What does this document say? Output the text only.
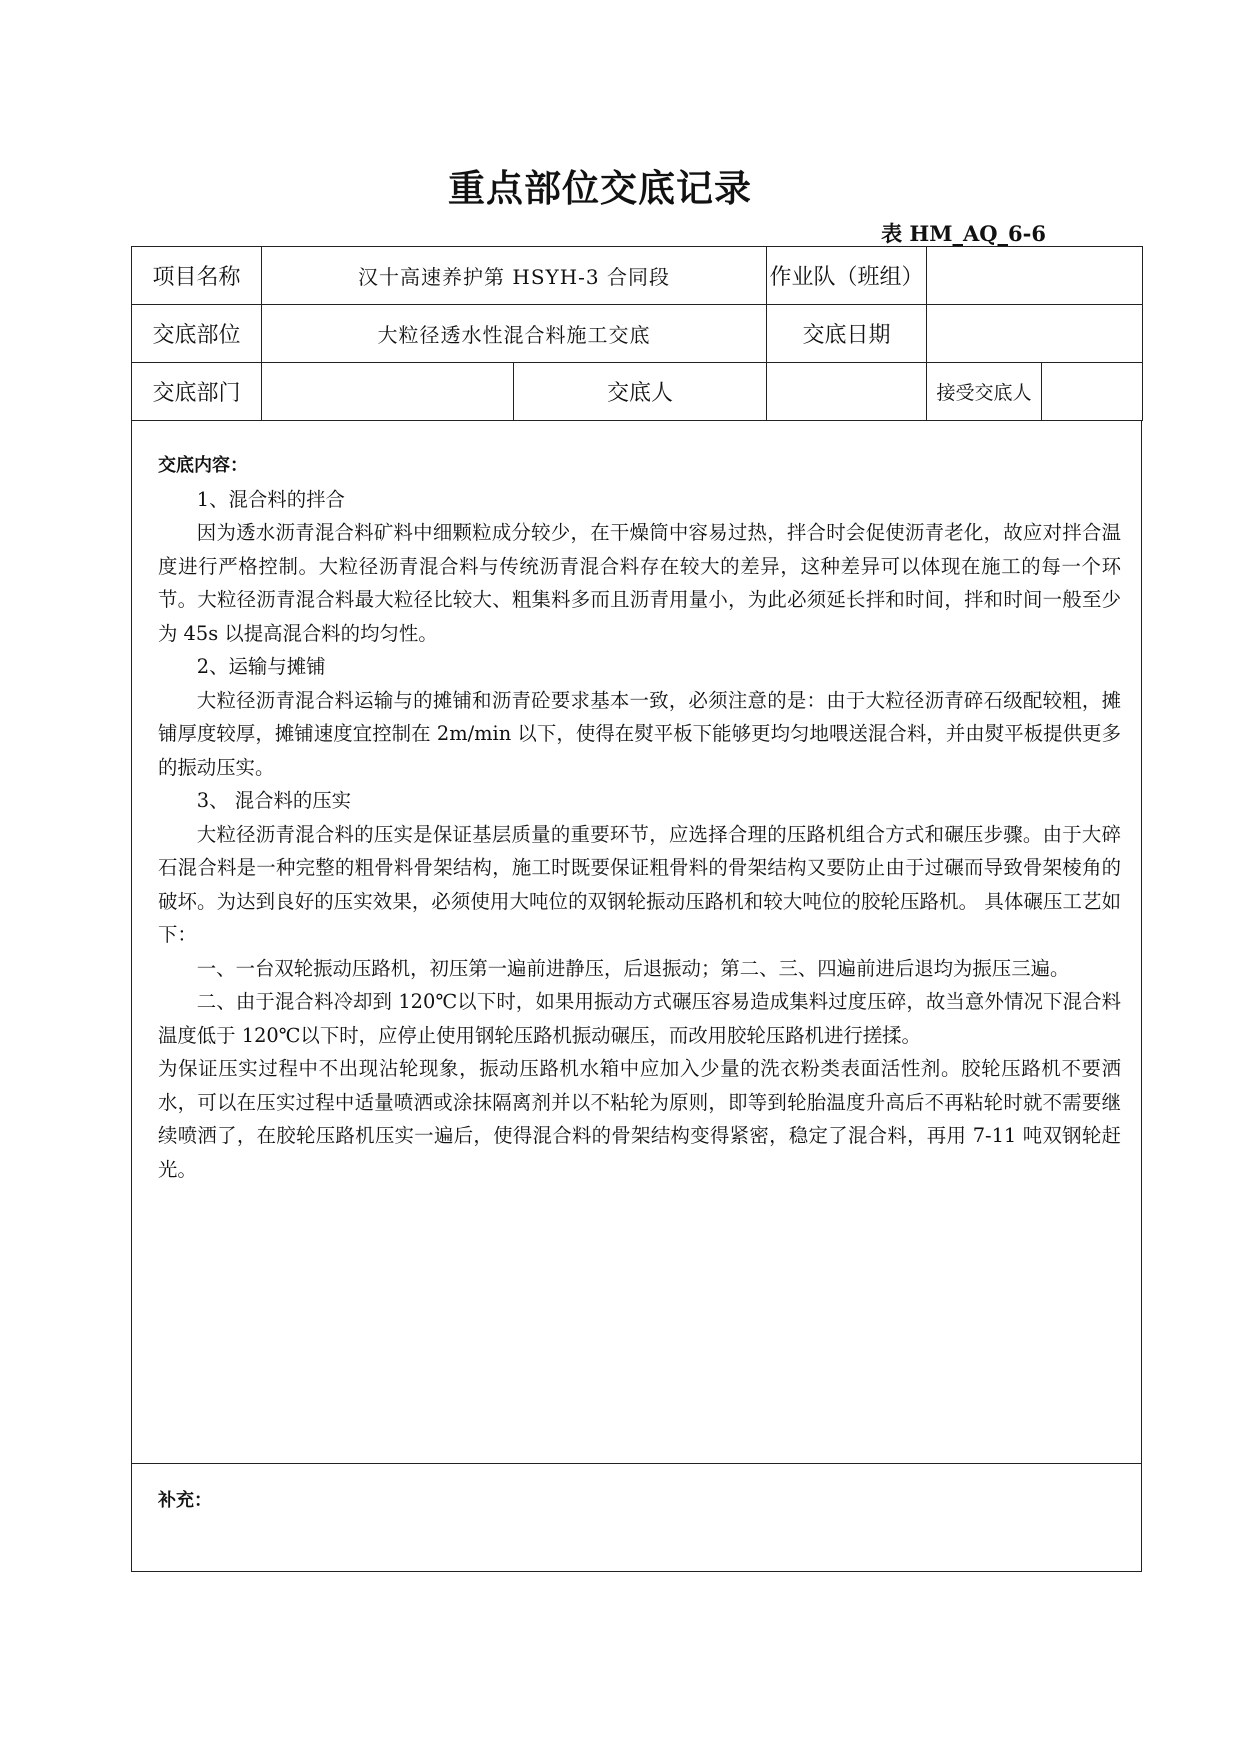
重点部位交底记录
表 HM_AQ_6-6
项目名称	汉十高速养护第 HSYH-3 合同段		作业队（班组）		
交底部位	大粒径透水性混合料施工交底		交底日期		
交底部门		交底人		接受交底人	
交底内容：

1、混合料的拌合

因为透水沥青混合料矿料中细颗粒成分较少，在干燥筒中容易过热，拌合时会促使沥青老化，故应对拌合温度进行严格控制。大粒径沥青混合料与传统沥青混合料存在较大的差异，这种差异可以体现在施工的每一个环节。大粒径沥青混合料最大粒径比较大、粗集料多而且沥青用量小，为此必须延长拌和时间，拌和时间一般至少为 45s 以提高混合料的均匀性。

2、运输与摊铺

大粒径沥青混合料运输与的摊铺和沥青砼要求基本一致，必须注意的是：由于大粒径沥青碎石级配较粗，摊铺厚度较厚，摊铺速度宜控制在 2m/min 以下，使得在熨平板下能够更均匀地喂送混合料，并由熨平板提供更多的振动压实。

3、 混合料的压实

大粒径沥青混合料的压实是保证基层质量的重要环节，应选择合理的压路机组合方式和碾压步骤。由于大碎石混合料是一种完整的粗骨料骨架结构，施工时既要保证粗骨料的骨架结构又要防止由于过碾而导致骨架棱角的破坏。为达到良好的压实效果，必须使用大吨位的双钢轮振动压路机和较大吨位的胶轮压路机。 具体碾压工艺如下：

一、一台双轮振动压路机，初压第一遍前进静压，后退振动；第二、三、四遍前进后退均为振压三遍。

二、由于混合料冷却到 120℃以下时，如果用振动方式碾压容易造成集料过度压碎，故当意外情况下混合料温度低于 120℃以下时，应停止使用钢轮压路机振动碾压，而改用胶轮压路机进行搓揉。

为保证压实过程中不出现沾轮现象，振动压路机水箱中应加入少量的洗衣粉类表面活性剂。胶轮压路机不要洒水，可以在压实过程中适量喷洒或涂抹隔离剂并以不粘轮为原则，即等到轮胎温度升高后不再粘轮时就不需要继续喷洒了，在胶轮压路机压实一遍后，使得混合料的骨架结构变得紧密，稳定了混合料，再用 7-11 吨双钢轮赶光。

补充：
